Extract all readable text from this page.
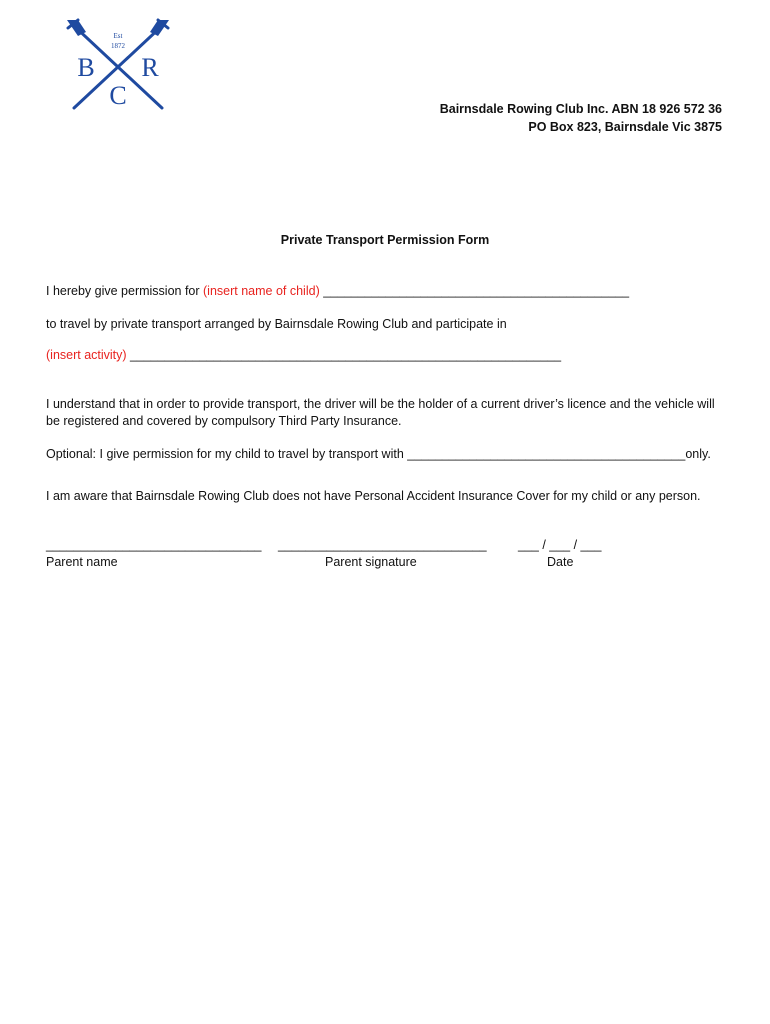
Est
1872
B R
C	Bairnsdale Rowing Club Inc. ABN 18 926 572 36
PO Box 823, Bairnsdale Vic 3875
Private Transport Permission Form
I hereby give permission for (insert name of child) ____________________________________________
to travel by private transport arranged by Bairnsdale Rowing Club and participate in
(insert activity) ______________________________________________________________
I understand that in order to provide transport, the driver will be the holder of a current driver’s licence and the vehicle will be registered and covered by compulsory Third Party Insurance.
Optional: I give permission for my child to travel by transport with ________________________________________only.
I am aware that Bairnsdale Rowing Club does not have Personal Accident Insurance Cover for my child or any person.
_______________________________ ______________________________	___ / ___ / ___
Parent name	Parent signature	Date
